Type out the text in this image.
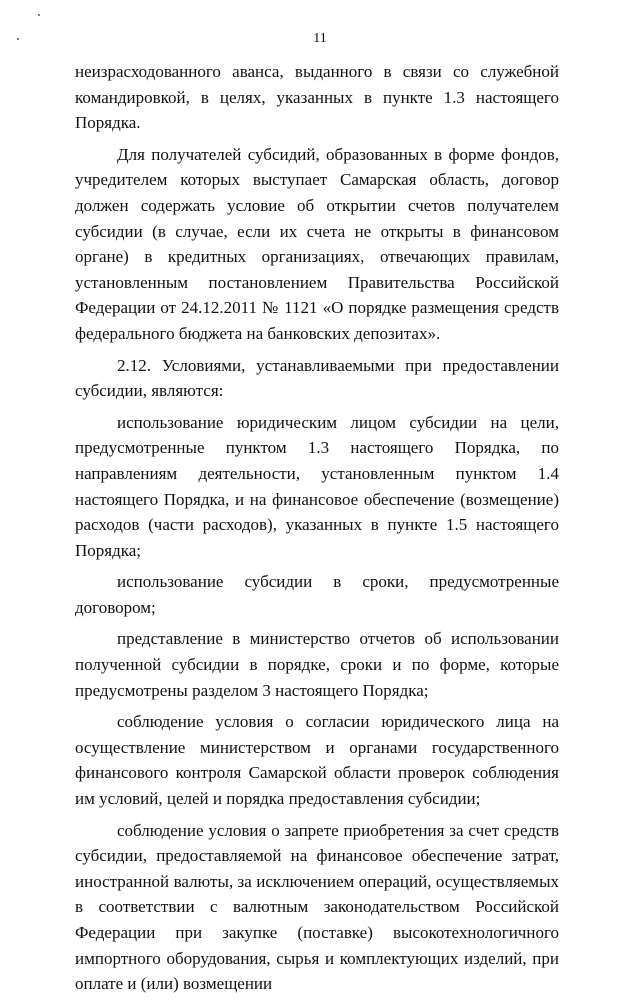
11

неизрасходованного аванса, выданного в связи со служебной командировкой, в целях, указанных в пункте 1.3 настоящего Порядка.

Для получателей субсидий, образованных в форме фондов, учредителем которых выступает Самарская область, договор должен содержать условие об открытии счетов получателем субсидии (в случае, если их счета не открыты в финансовом органе) в кредитных организациях, отвечающих правилам, установленным постановлением Правительства Российской Федерации от 24.12.2011 № 1121 «О порядке размещения средств федерального бюджета на банковских депозитах».

2.12. Условиями, устанавливаемыми при предоставлении субсидии, являются:

использование юридическим лицом субсидии на цели, предусмотренные пунктом 1.3 настоящего Порядка, по направлениям деятельности, установленным пунктом 1.4 настоящего Порядка, и на финансовое обеспечение (возмещение) расходов (части расходов), указанных в пункте 1.5 настоящего Порядка;

использование субсидии в сроки, предусмотренные договором;

представление в министерство отчетов об использовании полученной субсидии в порядке, сроки и по форме, которые предусмотрены разделом 3 настоящего Порядка;

соблюдение условия о согласии юридического лица на осуществление министерством и органами государственного финансового контроля Самарской области проверок соблюдения им условий, целей и порядка предоставления субсидии;

соблюдение условия о запрете приобретения за счет средств субсидии, предоставляемой на финансовое обеспечение затрат, иностранной валюты, за исключением операций, осуществляемых в соответствии с валютным законодательством Российской Федерации при закупке (поставке) высокотехнологичного импортного оборудования, сырья и комплектующих изделий, при оплате и (или) возмещении
